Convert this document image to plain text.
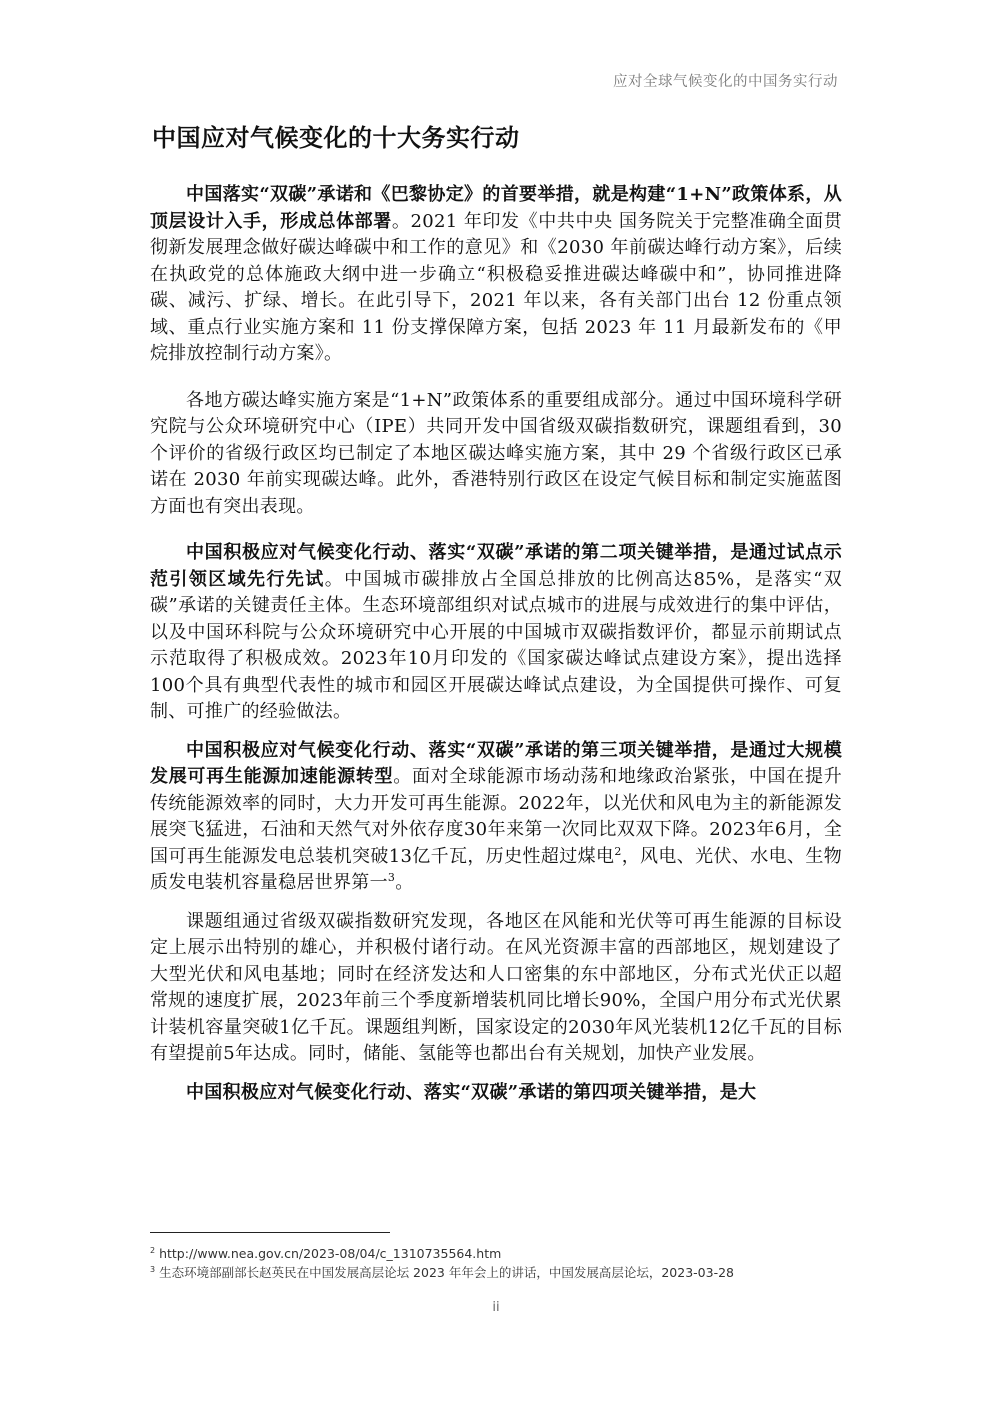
应对全球气候变化的中国务实行动
中国应对气候变化的十大务实行动

中国落实“双碳”承诺和《巴黎协定》的首要举措，就是构建“1+N”政策体系，从顶层设计入手，形成总体部署。2021 年印发《中共中央 国务院关于完整准确全面贯彻新发展理念做好碳达峰碳中和工作的意见》和《2030 年前碳达峰行动方案》，后续在执政党的总体施政大纲中进一步确立“积极稳妥推进碳达峰碳中和”，协同推进降碳、减污、扩绿、增长。在此引导下，2021 年以来，各有关部门出台 12 份重点领域、重点行业实施方案和 11 份支撑保障方案，包括 2023 年 11 月最新发布的《甲烷排放控制行动方案》。

各地方碳达峰实施方案是“1+N”政策体系的重要组成部分。通过中国环境科学研究院与公众环境研究中心（IPE）共同开发中国省级双碳指数研究，课题组看到，30 个评价的省级行政区均已制定了本地区碳达峰实施方案，其中 29 个省级行政区已承诺在 2030 年前实现碳达峰。此外，香港特别行政区在设定气候目标和制定实施蓝图方面也有突出表现。

中国积极应对气候变化行动、落实“双碳”承诺的第二项关键举措，是通过试点示范引领区域先行先试。中国城市碳排放占全国总排放的比例高达85%，是落实“双碳”承诺的关键责任主体。生态环境部组织对试点城市的进展与成效进行的集中评估，以及中国环科院与公众环境研究中心开展的中国城市双碳指数评价，都显示前期试点示范取得了积极成效。2023年10月印发的《国家碳达峰试点建设方案》，提出选择100个具有典型代表性的城市和园区开展碳达峰试点建设，为全国提供可操作、可复制、可推广的经验做法。

中国积极应对气候变化行动、落实“双碳”承诺的第三项关键举措，是通过大规模发展可再生能源加速能源转型。面对全球能源市场动荡和地缘政治紧张，中国在提升传统能源效率的同时，大力开发可再生能源。2022年，以光伏和风电为主的新能源发展突飞猛进，石油和天然气对外依存度30年来第一次同比双双下降。2023年6月，全国可再生能源发电总装机突破13亿千瓦，历史性超过煤电$^2$，风电、光伏、水电、生物质发电装机容量稳居世界第一$^3$。

课题组通过省级双碳指数研究发现，各地区在风能和光伏等可再生能源的目标设定上展示出特别的雄心，并积极付诸行动。在风光资源丰富的西部地区，规划建设了大型光伏和风电基地；同时在经济发达和人口密集的东中部地区，分布式光伏正以超常规的速度扩展，2023年前三个季度新增装机同比增长90%，全国户用分布式光伏累计装机容量突破1亿千瓦。课题组判断，国家设定的2030年风光装机12亿千瓦的目标有望提前5年达成。同时，储能、氢能等也都出台有关规划，加快产业发展。

中国积极应对气候变化行动、落实“双碳”承诺的第四项关键举措，是大

$^2$ http://www.nea.gov.cn/2023-08/04/c_1310735564.htm
$^3$ 生态环境部副部长赵英民在中国发展高层论坛 2023 年年会上的讲话，中国发展高层论坛，2023-03-28
ii
